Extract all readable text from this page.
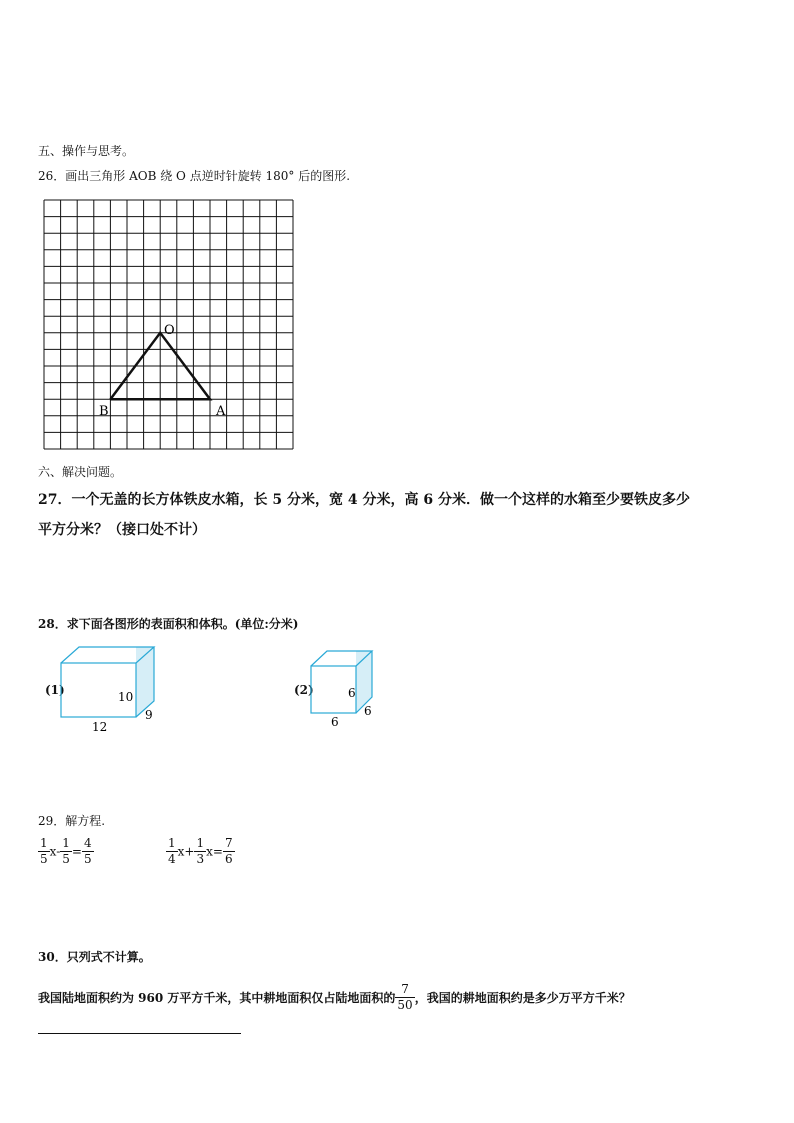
五、操作与思考。
26．画出三角形 AOB 绕 O 点逆时针旋转 180° 后的图形.
O
A
B
六、解决问题。
27．一个无盖的长方体铁皮水箱，长 5 分米，宽 4 分米，高 6 分米．做一个这样的水箱至少要铁皮多少
平方分米？（接口处不计）
28．求下面各图形的表面积和体积。(单位:分米)
(1)	10
12
9
(2)	6
6
6
29．解方程.
$\frac{1}{5} x- \frac{1}{5} = \frac{4}{5}$	$\frac{1}{4} x+ \frac{1}{3} x= \frac{7}{6}$
30．只列式不计算。
我国陆地面积约为 960 万平方千米，其中耕地面积仅占陆地面积的 $\frac{7}{50}$ ，我国的耕地面积约是多少万平方千米？
